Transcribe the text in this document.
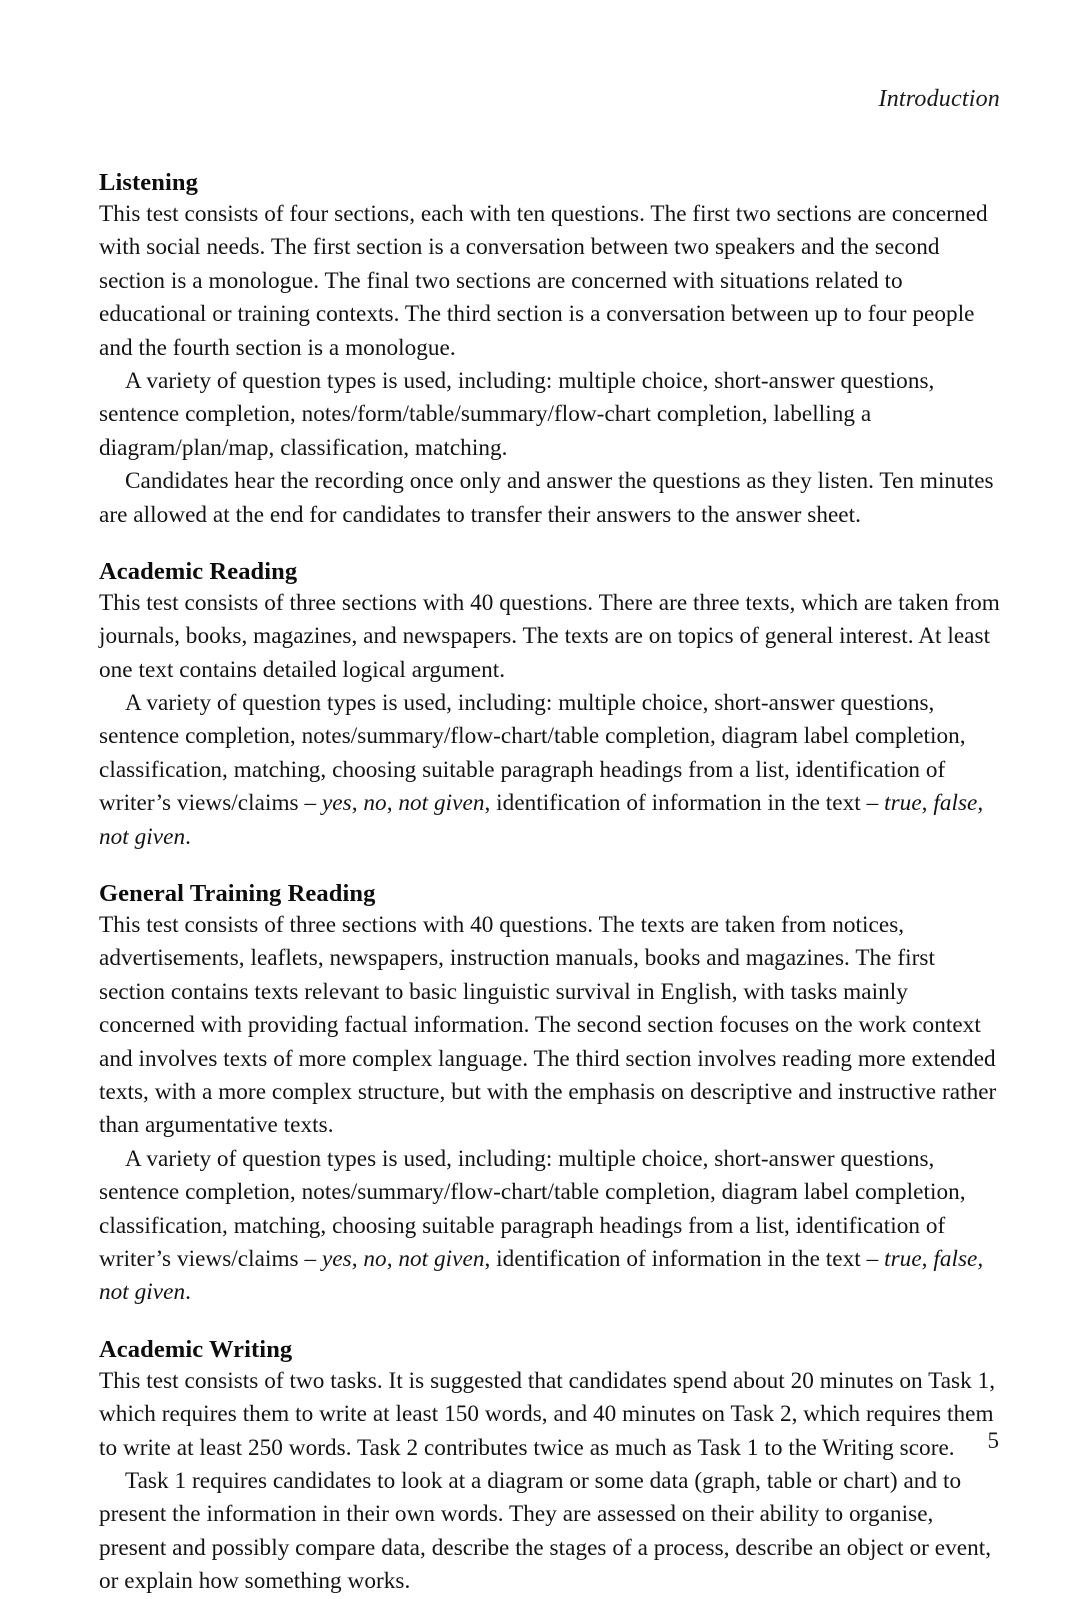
Introduction
Listening

This test consists of four sections, each with ten questions. The first two sections are concerned with social needs. The first section is a conversation between two speakers and the second section is a monologue. The final two sections are concerned with situations related to educational or training contexts. The third section is a conversation between up to four people and the fourth section is a monologue.

A variety of question types is used, including: multiple choice, short-answer questions, sentence completion, notes/form/table/summary/flow-chart completion, labelling a diagram/plan/map, classification, matching.

Candidates hear the recording once only and answer the questions as they listen. Ten minutes are allowed at the end for candidates to transfer their answers to the answer sheet.

Academic Reading

This test consists of three sections with 40 questions. There are three texts, which are taken from journals, books, magazines, and newspapers. The texts are on topics of general interest. At least one text contains detailed logical argument.

A variety of question types is used, including: multiple choice, short-answer questions, sentence completion, notes/summary/flow-chart/table completion, diagram label completion, classification, matching, choosing suitable paragraph headings from a list, identification of writer’s views/claims – yes, no, not given, identification of information in the text – true, false, not given.

General Training Reading

This test consists of three sections with 40 questions. The texts are taken from notices, advertisements, leaflets, newspapers, instruction manuals, books and magazines. The first section contains texts relevant to basic linguistic survival in English, with tasks mainly concerned with providing factual information. The second section focuses on the work context and involves texts of more complex language. The third section involves reading more extended texts, with a more complex structure, but with the emphasis on descriptive and instructive rather than argumentative texts.

A variety of question types is used, including: multiple choice, short-answer questions, sentence completion, notes/summary/flow-chart/table completion, diagram label completion, classification, matching, choosing suitable paragraph headings from a list, identification of writer’s views/claims – yes, no, not given, identification of information in the text – true, false, not given.

Academic Writing

This test consists of two tasks. It is suggested that candidates spend about 20 minutes on Task 1, which requires them to write at least 150 words, and 40 minutes on Task 2, which requires them to write at least 250 words. Task 2 contributes twice as much as Task 1 to the Writing score.

Task 1 requires candidates to look at a diagram or some data (graph, table or chart) and to present the information in their own words. They are assessed on their ability to organise, present and possibly compare data, describe the stages of a process, describe an object or event, or explain how something works.

5
